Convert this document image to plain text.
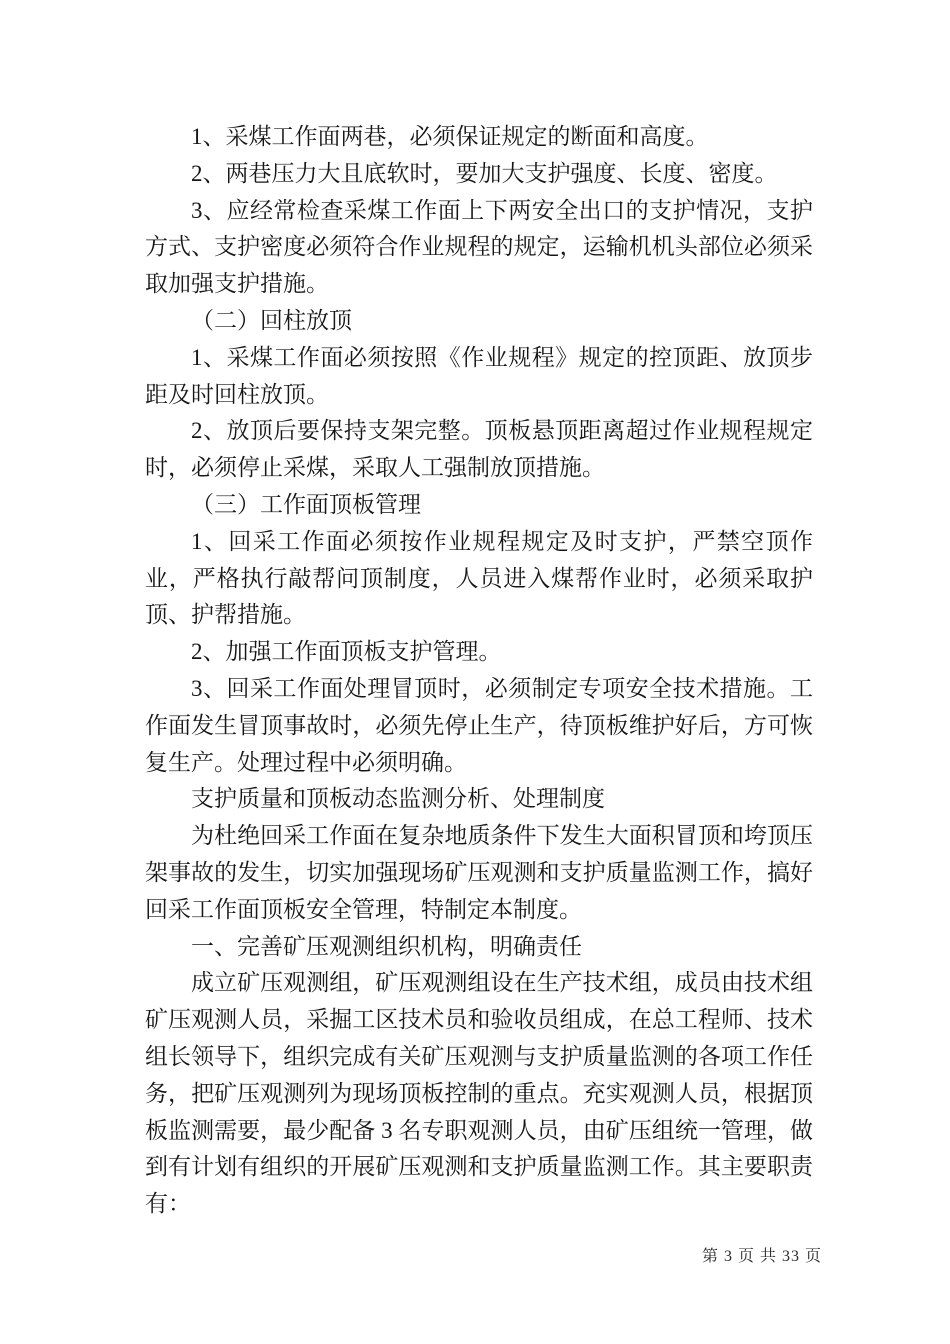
1、采煤工作面两巷，必须保证规定的断面和高度。

2、两巷压力大且底软时，要加大支护强度、长度、密度。

3、应经常检查采煤工作面上下两安全出口的支护情况，支护方式、支护密度必须符合作业规程的规定，运输机机头部位必须采取加强支护措施。

（二）回柱放顶

1、采煤工作面必须按照《作业规程》规定的控顶距、放顶步距及时回柱放顶。

2、放顶后要保持支架完整。顶板悬顶距离超过作业规程规定时，必须停止采煤，采取人工强制放顶措施。

（三）工作面顶板管理

1、回采工作面必须按作业规程规定及时支护，严禁空顶作业，严格执行敲帮问顶制度，人员进入煤帮作业时，必须采取护顶、护帮措施。

2、加强工作面顶板支护管理。

3、回采工作面处理冒顶时，必须制定专项安全技术措施。工作面发生冒顶事故时，必须先停止生产，待顶板维护好后，方可恢复生产。处理过程中必须明确。

支护质量和顶板动态监测分析、处理制度

为杜绝回采工作面在复杂地质条件下发生大面积冒顶和垮顶压架事故的发生，切实加强现场矿压观测和支护质量监测工作，搞好回采工作面顶板安全管理，特制定本制度。

一、完善矿压观测组织机构，明确责任

成立矿压观测组，矿压观测组设在生产技术组，成员由技术组矿压观测人员，采掘工区技术员和验收员组成，在总工程师、技术组长领导下，组织完成有关矿压观测与支护质量监测的各项工作任务，把矿压观测列为现场顶板控制的重点。充实观测人员，根据顶板监测需要，最少配备 3 名专职观测人员，由矿压组统一管理，做到有计划有组织的开展矿压观测和支护质量监测工作。其主要职责有：

第 3 页 共 33 页
